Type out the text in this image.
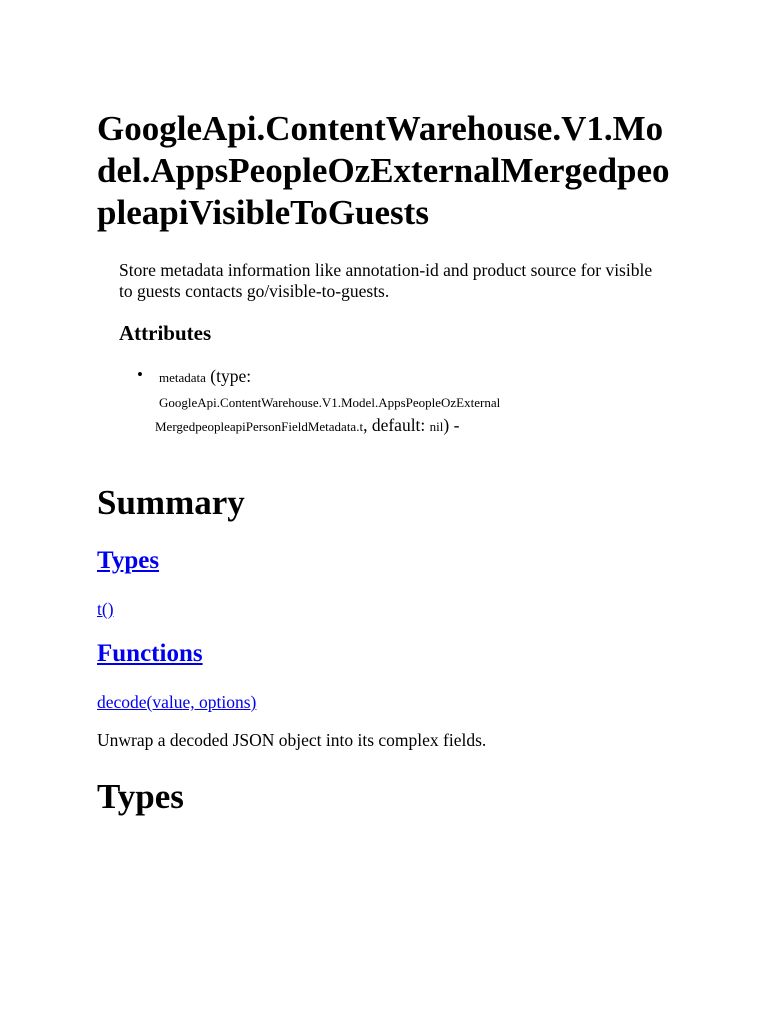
GoogleApi.ContentWarehouse.V1.Model.AppsPeopleOzExternalMergedpeopleapiVisibleToGuests

Store metadata information like annotation-id and product source for visible to guests contacts go/visible-to-guests.

Attributes
• metadata (type:
GoogleApi.ContentWarehouse.V1.Model.AppsPeopleOzExternal
MergedpeopleapiPersonFieldMetadata.t, default: nil) -
Summary
Types
t()
Functions
decode(value, options)

Unwrap a decoded JSON object into its complex fields.

Types
